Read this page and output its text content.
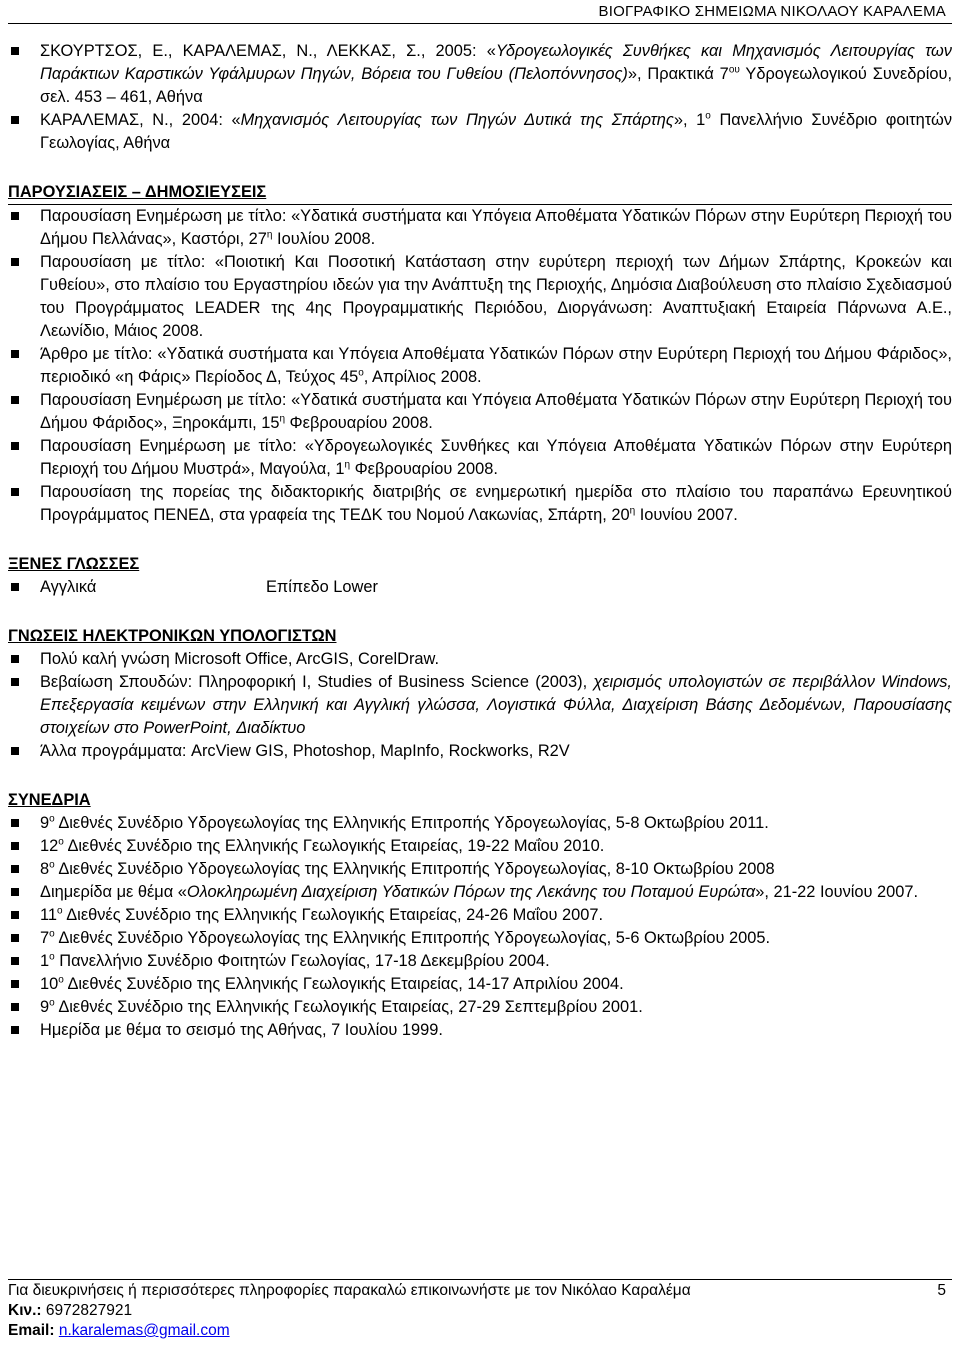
ΒΙΟΓΡΑΦΙΚΟ ΣΗΜΕΙΩΜΑ ΝΙΚΟΛΑΟΥ ΚΑΡΑΛΕΜΑ
ΣΚΟΥΡΤΣΟΣ, Ε., ΚΑΡΑΛΕΜΑΣ, Ν., ΛΕΚΚΑΣ, Σ., 2005: «Υδρογεωλογικές Συνθήκες και Μηχανισμός Λειτουργίας των Παράκτιων Καρστικών Υφάλμυρων Πηγών, Βόρεια του Γυθείου (Πελοπόννησος)», Πρακτικά $7^{o\upsilon}$ Υδρογεωλογικού Συνεδρίου, σελ. 453 – 461, Αθήνα
ΚΑΡΑΛΕΜΑΣ, Ν., 2004: «Μηχανισμός Λειτουργίας των Πηγών Δυτικά της Σπάρτης», $1^o$ Πανελλήνιο Συνέδριο φοιτητών Γεωλογίας, Αθήνα
ΠΑΡΟΥΣΙΑΣΕΙΣ – ΔΗΜΟΣΙΕΥΣΕΙΣ
Παρουσίαση Ενημέρωση με τίτλο: «Υδατικά συστήματα και Υπόγεια Αποθέματα Υδατικών Πόρων στην Ευρύτερη Περιοχή του Δήμου Πελλάνας», Καστόρι, $27^\eta$ Ιουλίου 2008.
Παρουσίαση με τίτλο: «Ποιοτική Και Ποσοτική Κατάσταση στην ευρύτερη περιοχή των Δήμων Σπάρτης, Κροκεών και Γυθείου», στο πλαίσιο του Εργαστηρίου ιδεών για την Ανάπτυξη της Περιοχής, Δημόσια Διαβούλευση στο πλαίσιο Σχεδιασμού του Προγράμματος LEADER της 4ης Προγραμματικής Περιόδου, Διοργάνωση: Αναπτυξιακή Εταιρεία Πάρνωνα Α.Ε., Λεωνίδιο, Μάιος 2008.
Άρθρο με τίτλο: «Υδατικά συστήματα και Υπόγεια Αποθέματα Υδατικών Πόρων στην Ευρύτερη Περιοχή του Δήμου Φάριδος», περιοδικό «η Φάρις» Περίοδος Δ, Τεύχος $45^o$, Απρίλιος 2008.
Παρουσίαση Ενημέρωση με τίτλο: «Υδατικά συστήματα και Υπόγεια Αποθέματα Υδατικών Πόρων στην Ευρύτερη Περιοχή του Δήμου Φάριδος», Ξηροκάμπι, $15^\eta$ Φεβρουαρίου 2008.
Παρουσίαση Ενημέρωση με τίτλο: «Υδρογεωλογικές Συνθήκες και Υπόγεια Αποθέματα Υδατικών Πόρων στην Ευρύτερη Περιοχή του Δήμου Μυστρά», Μαγούλα, $1^\eta$ Φεβρουαρίου 2008.
Παρουσίαση της πορείας της διδακτορικής διατριβής σε ενημερωτική ημερίδα στο πλαίσιο του παραπάνω Ερευνητικού Προγράμματος ΠΕΝΕΔ, στα γραφεία της ΤΕΔΚ του Νομού Λακωνίας, Σπάρτη, $20^\eta$ Ιουνίου 2007.
ΞΕΝΕΣ ΓΛΩΣΣΕΣ
Αγγλικά	Επίπεδο Lower
ΓΝΩΣΕΙΣ ΗΛΕΚΤΡΟΝΙΚΩΝ ΥΠΟΛΟΓΙΣΤΩΝ
Πολύ καλή γνώση Microsoft Office, ArcGIS, CorelDraw.
Βεβαίωση Σπουδών: Πληροφορική Ι, Studies of Business Science (2003), χειρισμός υπολογιστών σε περιβάλλον Windows, Επεξεργασία κειμένων στην Ελληνική και Αγγλική γλώσσα, Λογιστικά Φύλλα, Διαχείριση Βάσης Δεδομένων, Παρουσίασης στοιχείων στο PowerPoint, Διαδίκτυο
Άλλα προγράμματα: ArcView GIS, Photoshop, MapInfo, Rockworks, R2V
ΣΥΝΕΔΡΙΑ
$9^o$ Διεθνές Συνέδριο Υδρογεωλογίας της Ελληνικής Επιτροπής Υδρογεωλογίας, 5-8 Οκτωβρίου 2011.
$12^o$ Διεθνές Συνέδριο της Ελληνικής Γεωλογικής Εταιρείας, 19-22 Μαΐου 2010.
$8^o$ Διεθνές Συνέδριο Υδρογεωλογίας της Ελληνικής Επιτροπής Υδρογεωλογίας, 8-10 Οκτωβρίου 2008
Διημερίδα με θέμα «Ολοκληρωμένη Διαχείριση Υδατικών Πόρων της Λεκάνης του Ποταμού Ευρώτα», 21-22 Ιουνίου 2007.
$11^o$ Διεθνές Συνέδριο της Ελληνικής Γεωλογικής Εταιρείας, 24-26 Μαΐου 2007.
$7^o$ Διεθνές Συνέδριο Υδρογεωλογίας της Ελληνικής Επιτροπής Υδρογεωλογίας, 5-6 Οκτωβρίου 2005.
$1^o$ Πανελλήνιο Συνέδριο Φοιτητών Γεωλογίας, 17-18 Δεκεμβρίου 2004.
$10^o$ Διεθνές Συνέδριο της Ελληνικής Γεωλογικής Εταιρείας, 14-17 Απριλίου 2004.
$9^o$ Διεθνές Συνέδριο της Ελληνικής Γεωλογικής Εταιρείας, 27-29 Σεπτεμβρίου 2001.
Ημερίδα με θέμα το σεισμό της Αθήνας, 7 Ιουλίου 1999.
Για διευκρινήσεις ή περισσότερες πληροφορίες παρακαλώ επικοινωνήστε με τον Νικόλαο Καραλέμα	5
Κιν.: 6972827921
Email: n.karalemas@gmail.com
